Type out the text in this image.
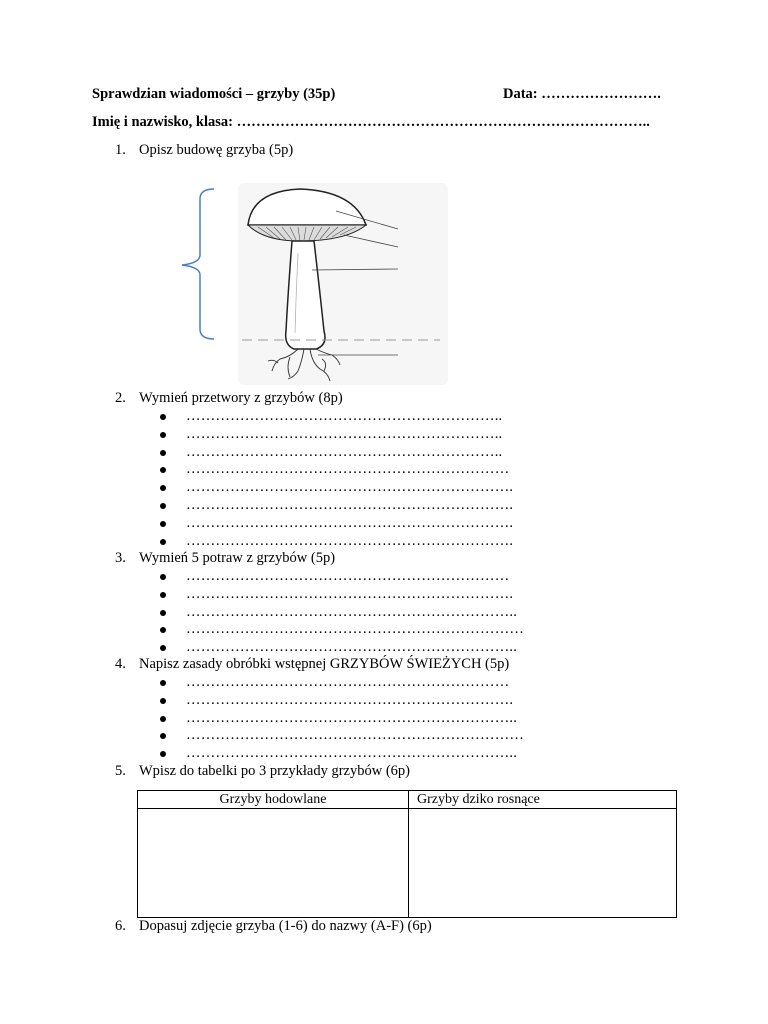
Sprawdzian wiadomości – grzyby (35p)	Data: …………………….
Imię i nazwisko, klasa: …………………………………………………………………………..
1. Opisz budowę grzyba (5p)
2. Wymień przetwory z grzybów (8p)
………………………………………………………..
………………………………………………………..
………………………………………………………..
…………………………………………………………
………………………………………………………….
………………………………………………………….
………………………………………………………….
………………………………………………………….
3. Wymień 5 potraw z grzybów (5p)
…………………………………………………………
………………………………………………………….
…………………………………………………………..
……………………………………………………………
…………………………………………………………..
4. Napisz zasady obróbki wstępnej GRZYBÓW ŚWIEŻYCH (5p)
…………………………………………………………
………………………………………………………….
…………………………………………………………..
……………………………………………………………
…………………………………………………………..
5. Wpisz do tabelki po 3 przykłady grzybów (6p)
Grzyby hodowlane	Grzyby dziko rosnące

6. Dopasuj zdjęcie grzyba (1-6) do nazwy (A-F) (6p)
